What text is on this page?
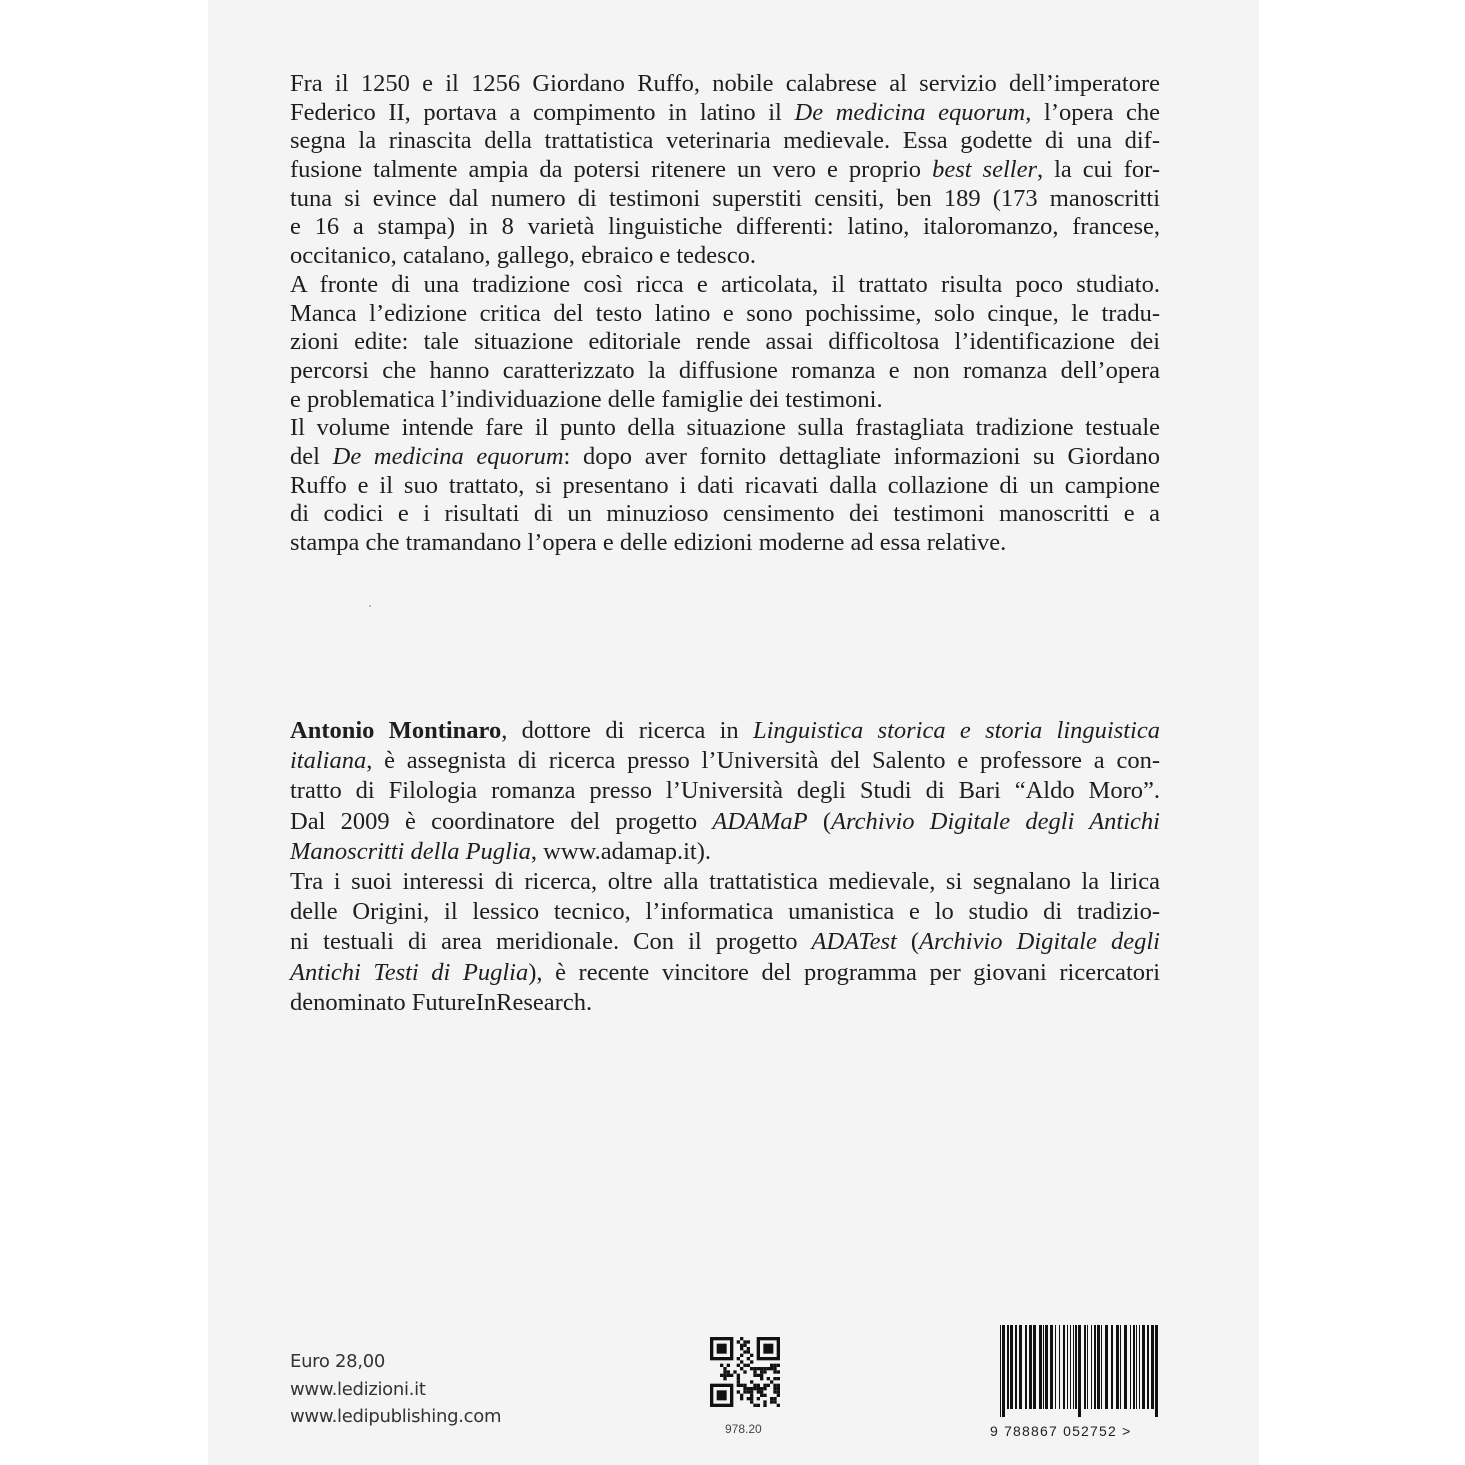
Fra il 1250 e il 1256 Giordano Ruffo, nobile calabrese al servizio dell’imperatore
Federico II, portava a compimento in latino il De medicina equorum, l’opera che
segna la rinascita della trattatistica veterinaria medievale. Essa godette di una dif-
fusione talmente ampia da potersi ritenere un vero e proprio best seller, la cui for-
tuna si evince dal numero di testimoni superstiti censiti, ben 189 (173 manoscritti
e 16 a stampa) in 8 varietà linguistiche differenti: latino, italoromanzo, francese,
occitanico, catalano, gallego, ebraico e tedesco.
A fronte di una tradizione così ricca e articolata, il trattato risulta poco studiato.
Manca l’edizione critica del testo latino e sono pochissime, solo cinque, le tradu-
zioni edite: tale situazione editoriale rende assai difficoltosa l’identificazione dei
percorsi che hanno caratterizzato la diffusione romanza e non romanza dell’opera
e problematica l’individuazione delle famiglie dei testimoni.
Il volume intende fare il punto della situazione sulla frastagliata tradizione testuale
del De medicina equorum: dopo aver fornito dettagliate informazioni su Giordano
Ruffo e il suo trattato, si presentano i dati ricavati dalla collazione di un campione
di codici e i risultati di un minuzioso censimento dei testimoni manoscritti e a
stampa che tramandano l’opera e delle edizioni moderne ad essa relative.
Antonio Montinaro, dottore di ricerca in Linguistica storica e storia linguistica
italiana, è assegnista di ricerca presso l’Università del Salento e professore a con-
tratto di Filologia romanza presso l’Università degli Studi di Bari “Aldo Moro”.
Dal 2009 è coordinatore del progetto ADAMaP (Archivio Digitale degli Antichi
Manoscritti della Puglia, www.adamap.it).
Tra i suoi interessi di ricerca, oltre alla trattatistica medievale, si segnalano la lirica
delle Origini, il lessico tecnico, l’informatica umanistica e lo studio di tradizio-
ni testuali di area meridionale. Con il progetto ADATest (Archivio Digitale degli
Antichi Testi di Puglia), è recente vincitore del programma per giovani ricercatori
denominato FutureInResearch.
Euro 28,00
www.ledizioni.it
www.ledipublishing.com
978.20	9 788867 052752 >
